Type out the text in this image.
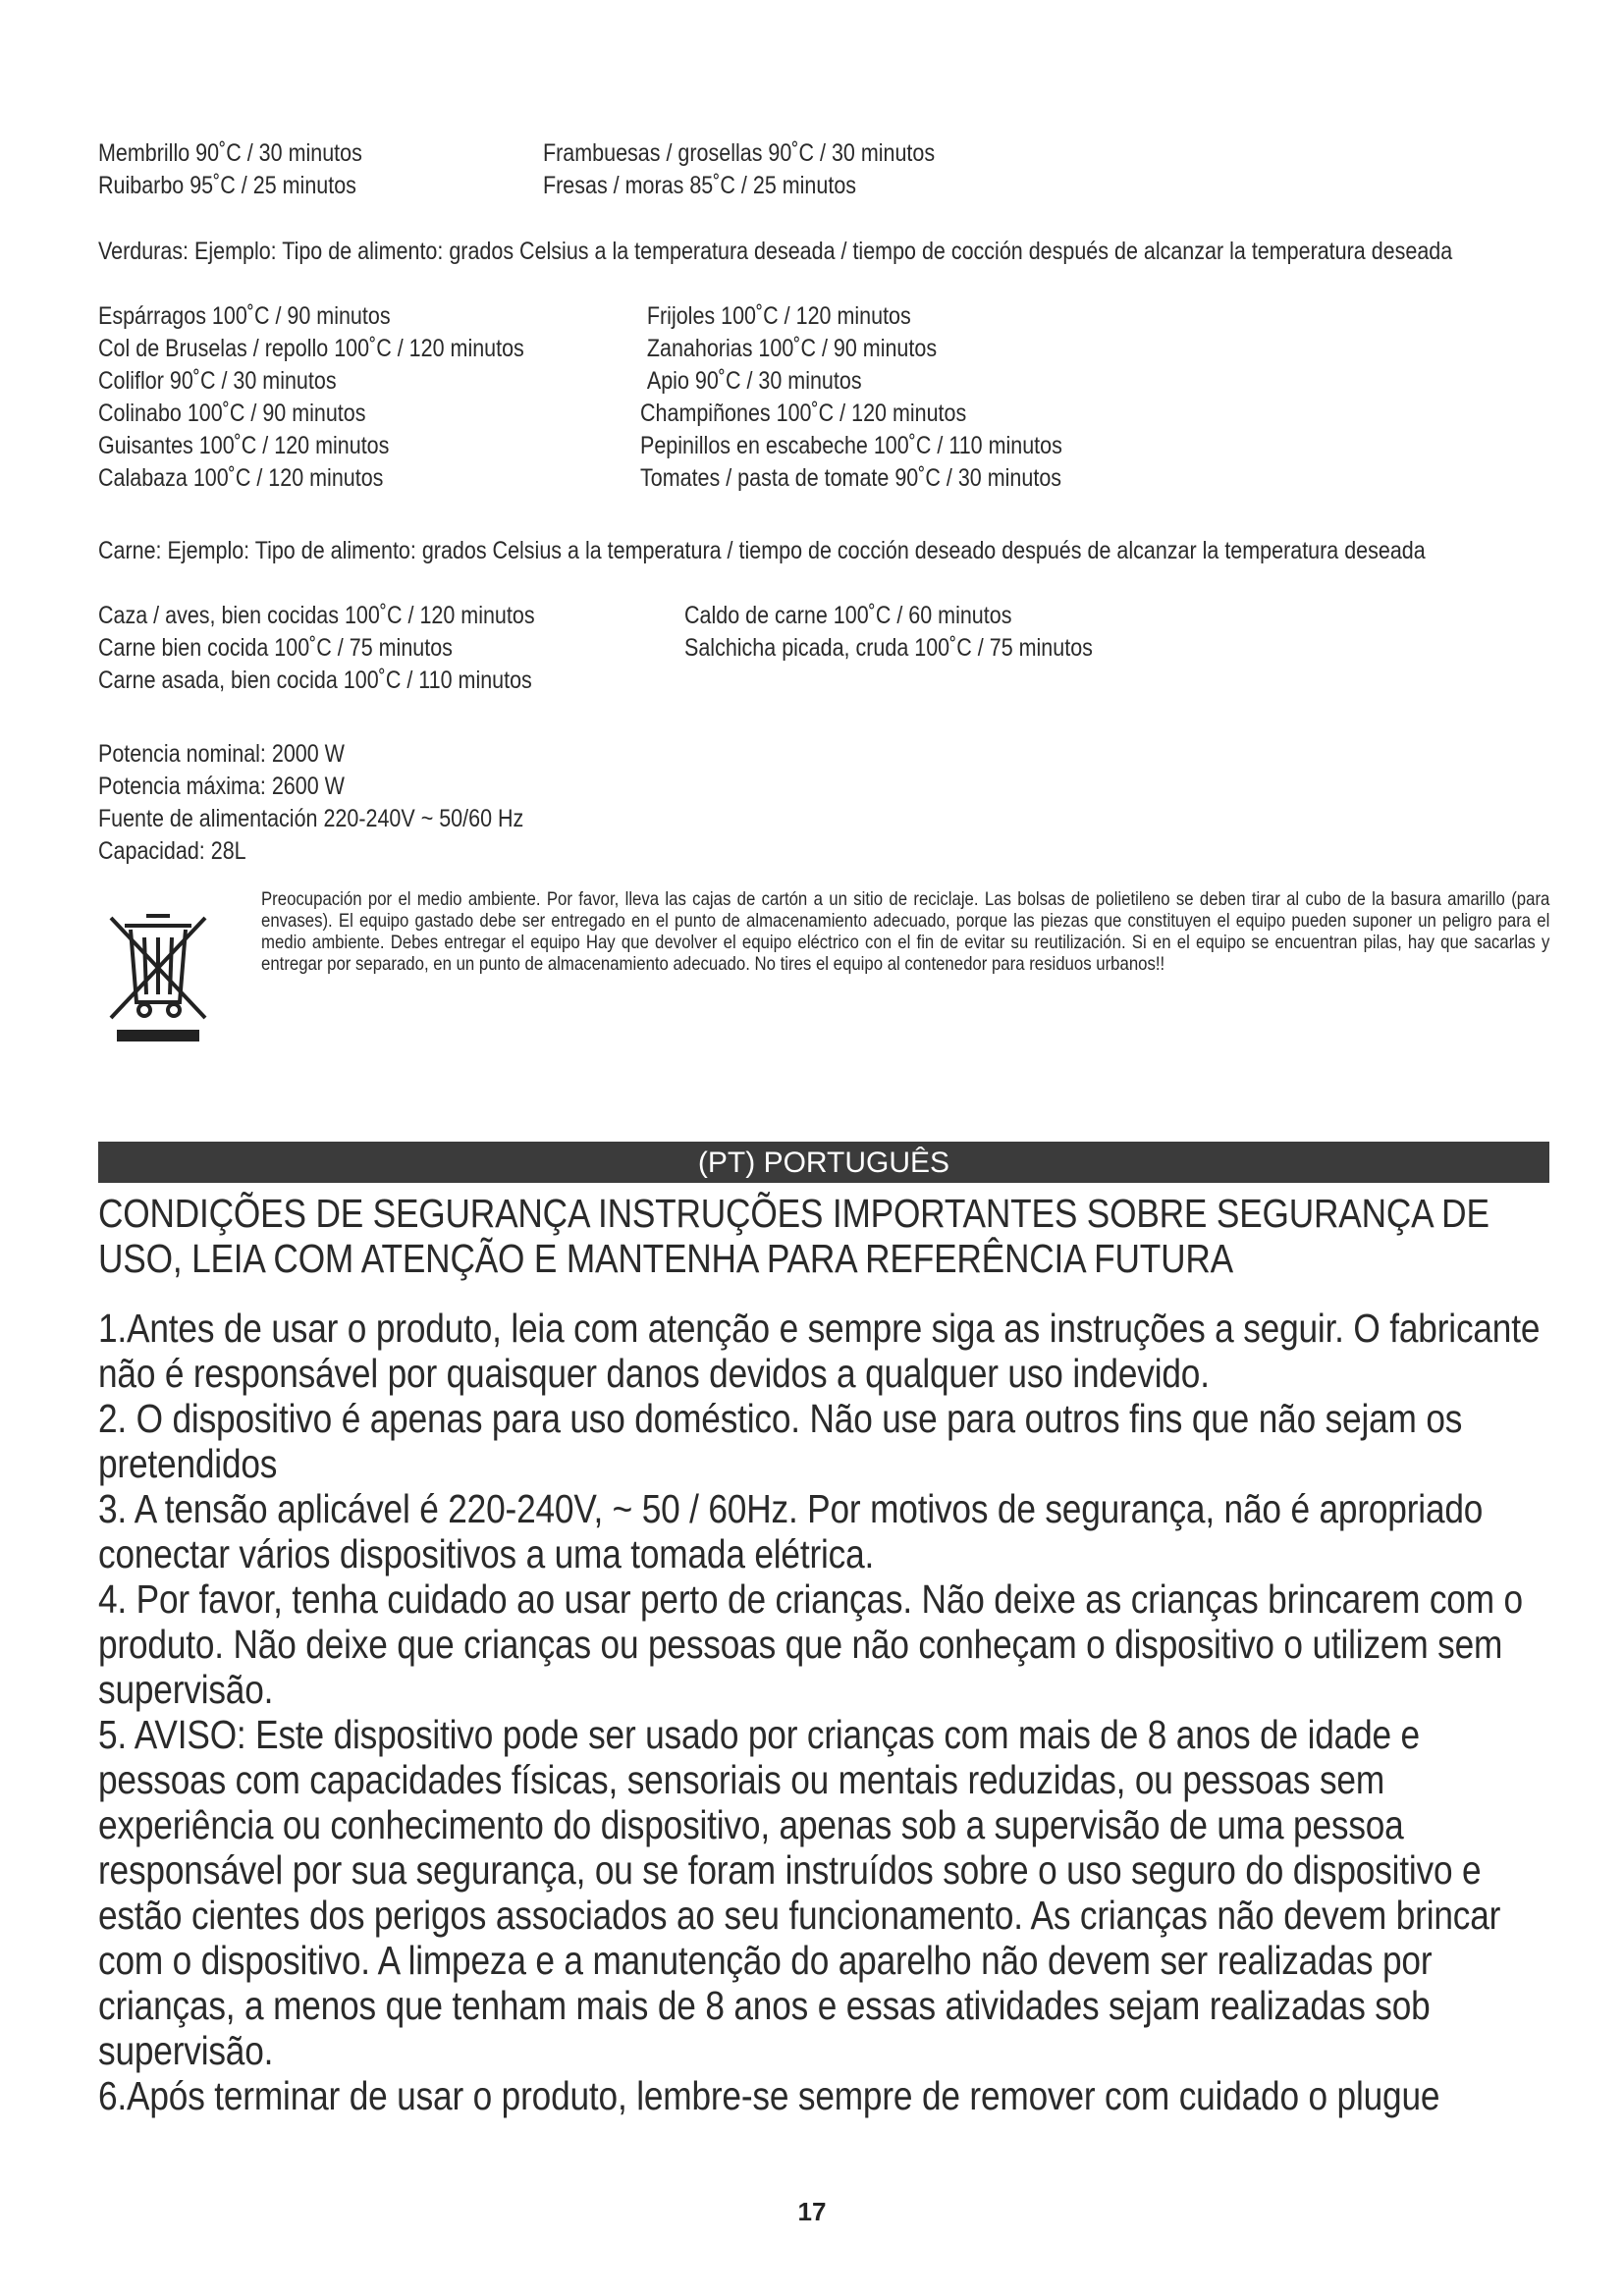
Membrillo 90˚C / 30 minutos
Ruibarbo 95˚C / 25 minutos
Frambuesas / grosellas 90˚C / 30 minutos
Fresas / moras 85˚C / 25 minutos
Verduras: Ejemplo: Tipo de alimento: grados Celsius a la temperatura deseada / tiempo de cocción después de alcanzar la temperatura deseada
Espárragos 100˚C / 90 minutos
Col de Bruselas / repollo 100˚C / 120 minutos
Coliflor 90˚C / 30 minutos
Colinabo 100˚C / 90 minutos
Guisantes 100˚C / 120 minutos
Calabaza 100˚C / 120 minutos
Frijoles 100˚C / 120 minutos
Zanahorias 100˚C / 90 minutos
Apio 90˚C / 30 minutos
Champiñones 100˚C / 120 minutos
Pepinillos en escabeche 100˚C / 110 minutos
Tomates / pasta de tomate 90˚C / 30 minutos
Carne: Ejemplo: Tipo de alimento: grados Celsius a la temperatura / tiempo de cocción deseado después de alcanzar la temperatura deseada
Caza / aves, bien cocidas 100˚C / 120 minutos
Carne bien cocida 100˚C / 75 minutos
Carne asada, bien cocida 100˚C / 110 minutos
Caldo de carne 100˚C / 60 minutos
Salchicha picada, cruda 100˚C / 75 minutos
Potencia nominal: 2000 W
Potencia máxima: 2600 W
Fuente de alimentación 220-240V ~ 50/60 Hz
Capacidad: 28L
Preocupación por el medio ambiente. Por favor, lleva las cajas de cartón a un sitio de reciclaje. Las bolsas de polietileno se deben tirar al cubo de la basura amarillo (para envases). El equipo gastado debe ser entregado en el punto de almacenamiento adecuado, porque las piezas que constituyen el equipo pueden suponer un peligro para el medio ambiente. Debes entregar el equipo Hay que devolver el equipo eléctrico con el fin de evitar su reutilización. Si en el equipo se encuentran pilas, hay que sacarlas y entregar por separado, en un punto de almacenamiento adecuado. No tires el equipo al contenedor para residuos urbanos!!
(PT) PORTUGUÊS
CONDIÇÕES DE SEGURANÇA INSTRUÇÕES IMPORTANTES SOBRE SEGURANÇA DE USO, LEIA COM ATENÇÃO E MANTENHA PARA REFERÊNCIA FUTURA
1.Antes de usar o produto, leia com atenção e sempre siga as instruções a seguir. O fabricante não é responsável por quaisquer danos devidos a qualquer uso indevido.
2. O dispositivo é apenas para uso doméstico. Não use para outros fins que não sejam os pretendidos
3. A tensão aplicável é 220-240V, ~ 50 / 60Hz. Por motivos de segurança, não é apropriado conectar vários dispositivos a uma tomada elétrica.
4. Por favor, tenha cuidado ao usar perto de crianças. Não deixe as crianças brincarem com o produto. Não deixe que crianças ou pessoas que não conheçam o dispositivo o utilizem sem supervisão.
5. AVISO: Este dispositivo pode ser usado por crianças com mais de 8 anos de idade e pessoas com capacidades físicas, sensoriais ou mentais reduzidas, ou pessoas sem experiência ou conhecimento do dispositivo, apenas sob a supervisão de uma pessoa responsável por sua segurança, ou se foram instruídos sobre o uso seguro do dispositivo e estão cientes dos perigos associados ao seu funcionamento. As crianças não devem brincar com o dispositivo. A limpeza e a manutenção do aparelho não devem ser realizadas por crianças, a menos que tenham mais de 8 anos e essas atividades sejam realizadas sob supervisão.
6.Após terminar de usar o produto, lembre-se sempre de remover com cuidado o plugue
17
